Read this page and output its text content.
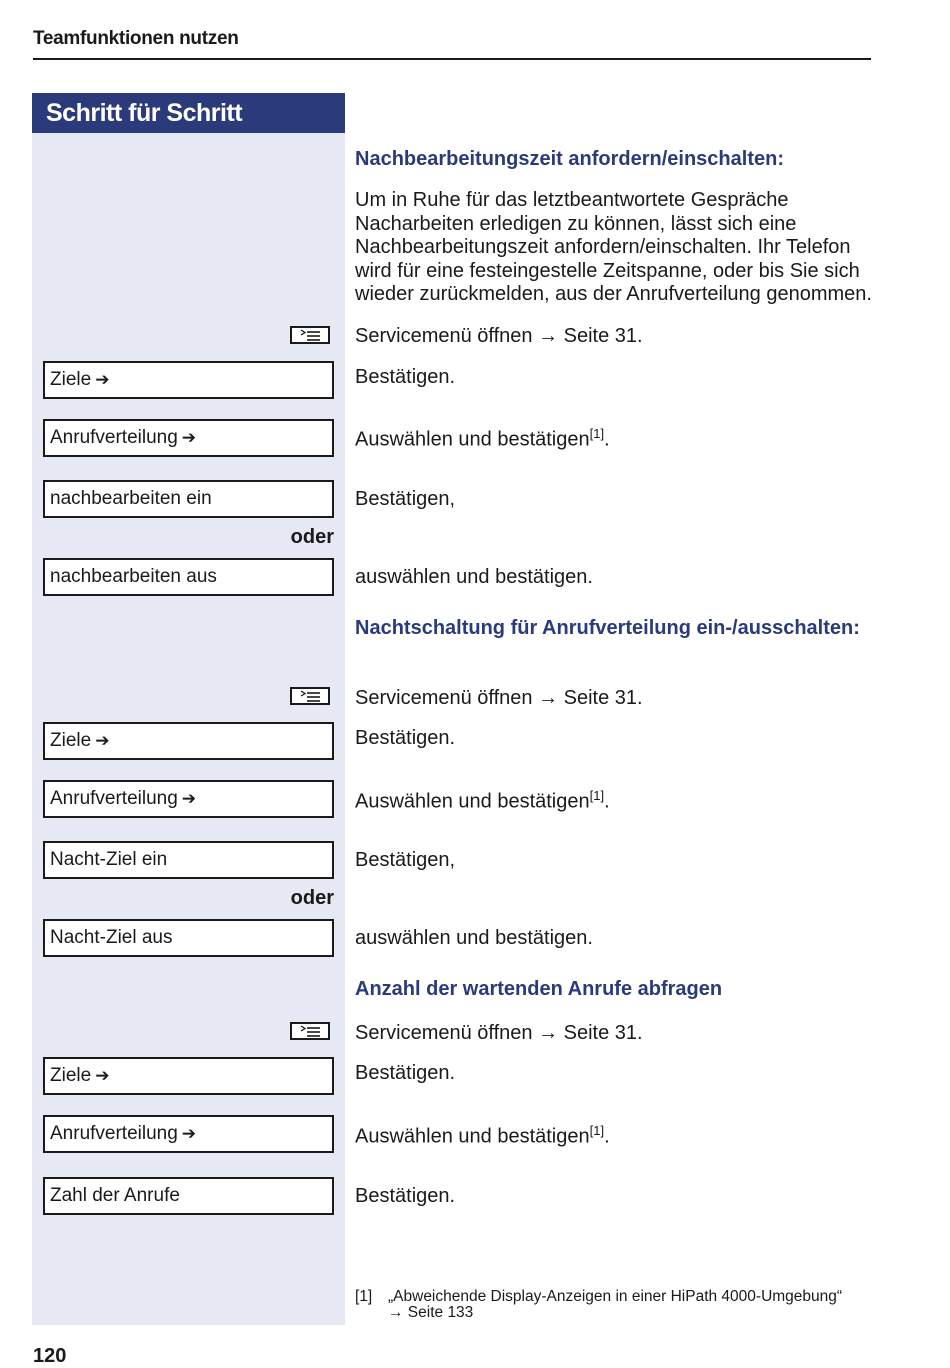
Teamfunktionen nutzen
Schritt für Schritt
Nachbearbeitungszeit anfordern/einschalten:
Um in Ruhe für das letztbeantwortete Gespräche Nacharbeiten erledigen zu können, lässt sich eine Nachbearbeitungszeit anfordern/einschalten. Ihr Telefon wird für eine festeingestelle Zeitspanne, oder bis Sie sich wieder zurückmelden, aus der Anrufverteilung genommen.
Servicemenü öffnen → Seite 31.
Ziele ➔	Bestätigen.
Anrufverteilung ➔	Auswählen und bestätigen[1].
nachbearbeiten ein	Bestätigen,
oder
nachbearbeiten aus	auswählen und bestätigen.
Nachtschaltung für Anrufverteilung ein-/ausschalten:
Servicemenü öffnen → Seite 31.
Ziele ➔	Bestätigen.
Anrufverteilung ➔	Auswählen und bestätigen[1].
Nacht-Ziel ein	Bestätigen,
oder
Nacht-Ziel aus	auswählen und bestätigen.
Anzahl der wartenden Anrufe abfragen
Servicemenü öffnen → Seite 31.
Ziele ➔	Bestätigen.
Anrufverteilung ➔	Auswählen und bestätigen[1].
Zahl der Anrufe	Bestätigen.
[1] „Abweichende Display-Anzeigen in einer HiPath 4000-Umgebung“ → Seite 133
120
